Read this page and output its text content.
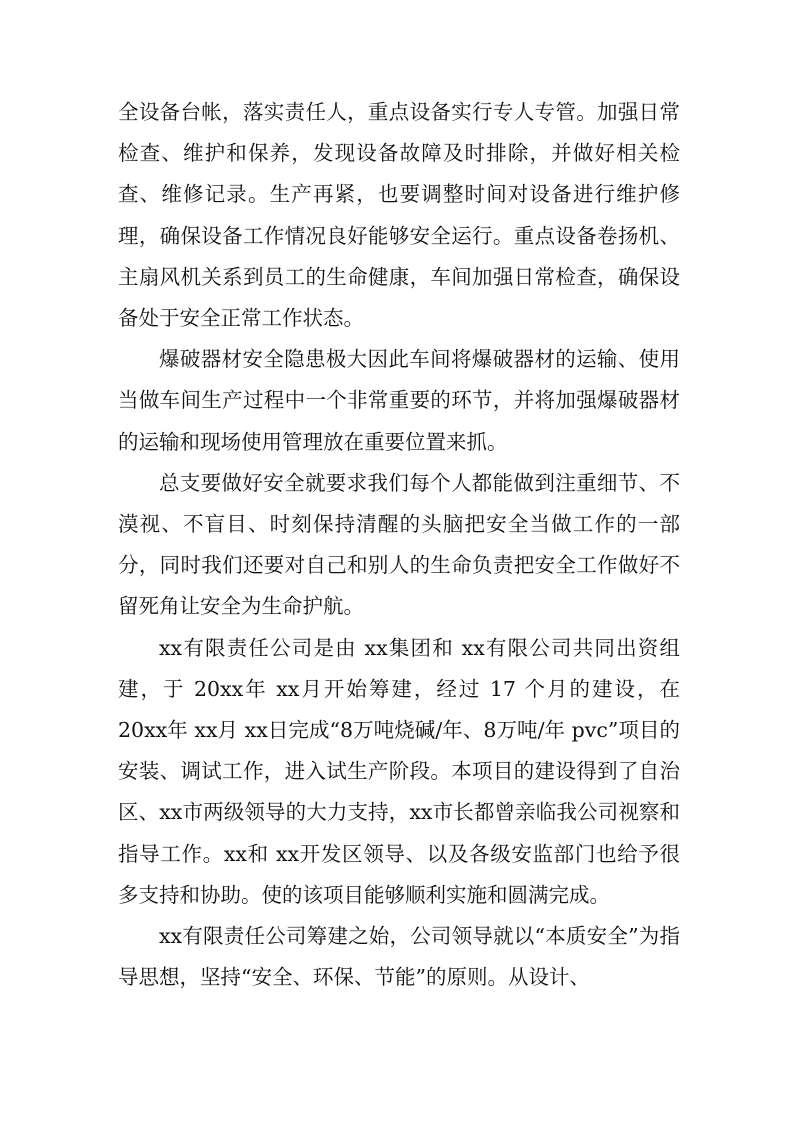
全设备台帐，落实责任人，重点设备实行专人专管。加强日常检查、维护和保养，发现设备故障及时排除，并做好相关检查、维修记录。生产再紧，也要调整时间对设备进行维护修理，确保设备工作情况良好能够安全运行。重点设备卷扬机、主扇风机关系到员工的生命健康，车间加强日常检查，确保设备处于安全正常工作状态。

爆破器材安全隐患极大因此车间将爆破器材的运输、使用当做车间生产过程中一个非常重要的环节，并将加强爆破器材的运输和现场使用管理放在重要位置来抓。

总支要做好安全就要求我们每个人都能做到注重细节、不漠视、不盲目、时刻保持清醒的头脑把安全当做工作的一部分，同时我们还要对自己和别人的生命负责把安全工作做好不留死角让安全为生命护航。

xx有限责任公司是由 xx集团和 xx有限公司共同出资组建，于 20xx年 xx月开始筹建，经过 17 个月的建设，在 20xx年 xx月 xx日完成“8万吨烧碱/年、8万吨/年 pvc”项目的安装、调试工作，进入试生产阶段。本项目的建设得到了自治区、xx市两级领导的大力支持，xx市长都曾亲临我公司视察和指导工作。xx和 xx开发区领导、以及各级安监部门也给予很多支持和协助。使的该项目能够顺利实施和圆满完成。

xx有限责任公司筹建之始，公司领导就以“本质安全”为指导思想，坚持“安全、环保、节能”的原则。从设计、
